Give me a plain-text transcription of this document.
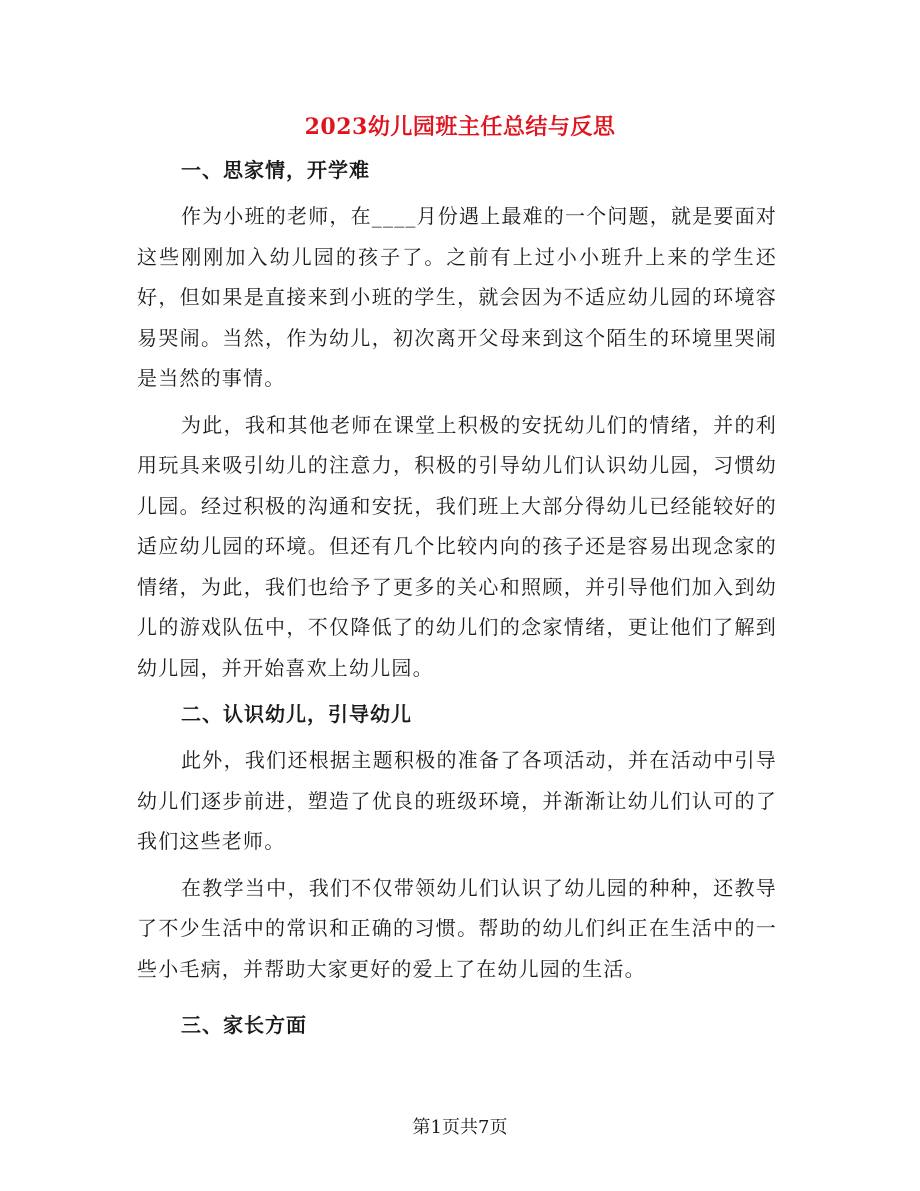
2023幼儿园班主任总结与反思
一、思家情，开学难

作为小班的老师，在____月份遇上最难的一个问题，就是要面对这些刚刚加入幼儿园的孩子了。之前有上过小小班升上来的学生还好，但如果是直接来到小班的学生，就会因为不适应幼儿园的环境容易哭闹。当然，作为幼儿，初次离开父母来到这个陌生的环境里哭闹是当然的事情。

为此，我和其他老师在课堂上积极的安抚幼儿们的情绪，并的利用玩具来吸引幼儿的注意力，积极的引导幼儿们认识幼儿园，习惯幼儿园。经过积极的沟通和安抚，我们班上大部分得幼儿已经能较好的适应幼儿园的环境。但还有几个比较内向的孩子还是容易出现念家的情绪，为此，我们也给予了更多的关心和照顾，并引导他们加入到幼儿的游戏队伍中，不仅降低了的幼儿们的念家情绪，更让他们了解到幼儿园，并开始喜欢上幼儿园。

二、认识幼儿，引导幼儿

此外，我们还根据主题积极的准备了各项活动，并在活动中引导幼儿们逐步前进，塑造了优良的班级环境，并渐渐让幼儿们认可的了我们这些老师。

在教学当中，我们不仅带领幼儿们认识了幼儿园的种种，还教导了不少生活中的常识和正确的习惯。帮助的幼儿们纠正在生活中的一些小毛病，并帮助大家更好的爱上了在幼儿园的生活。

三、家长方面
第1页共7页
